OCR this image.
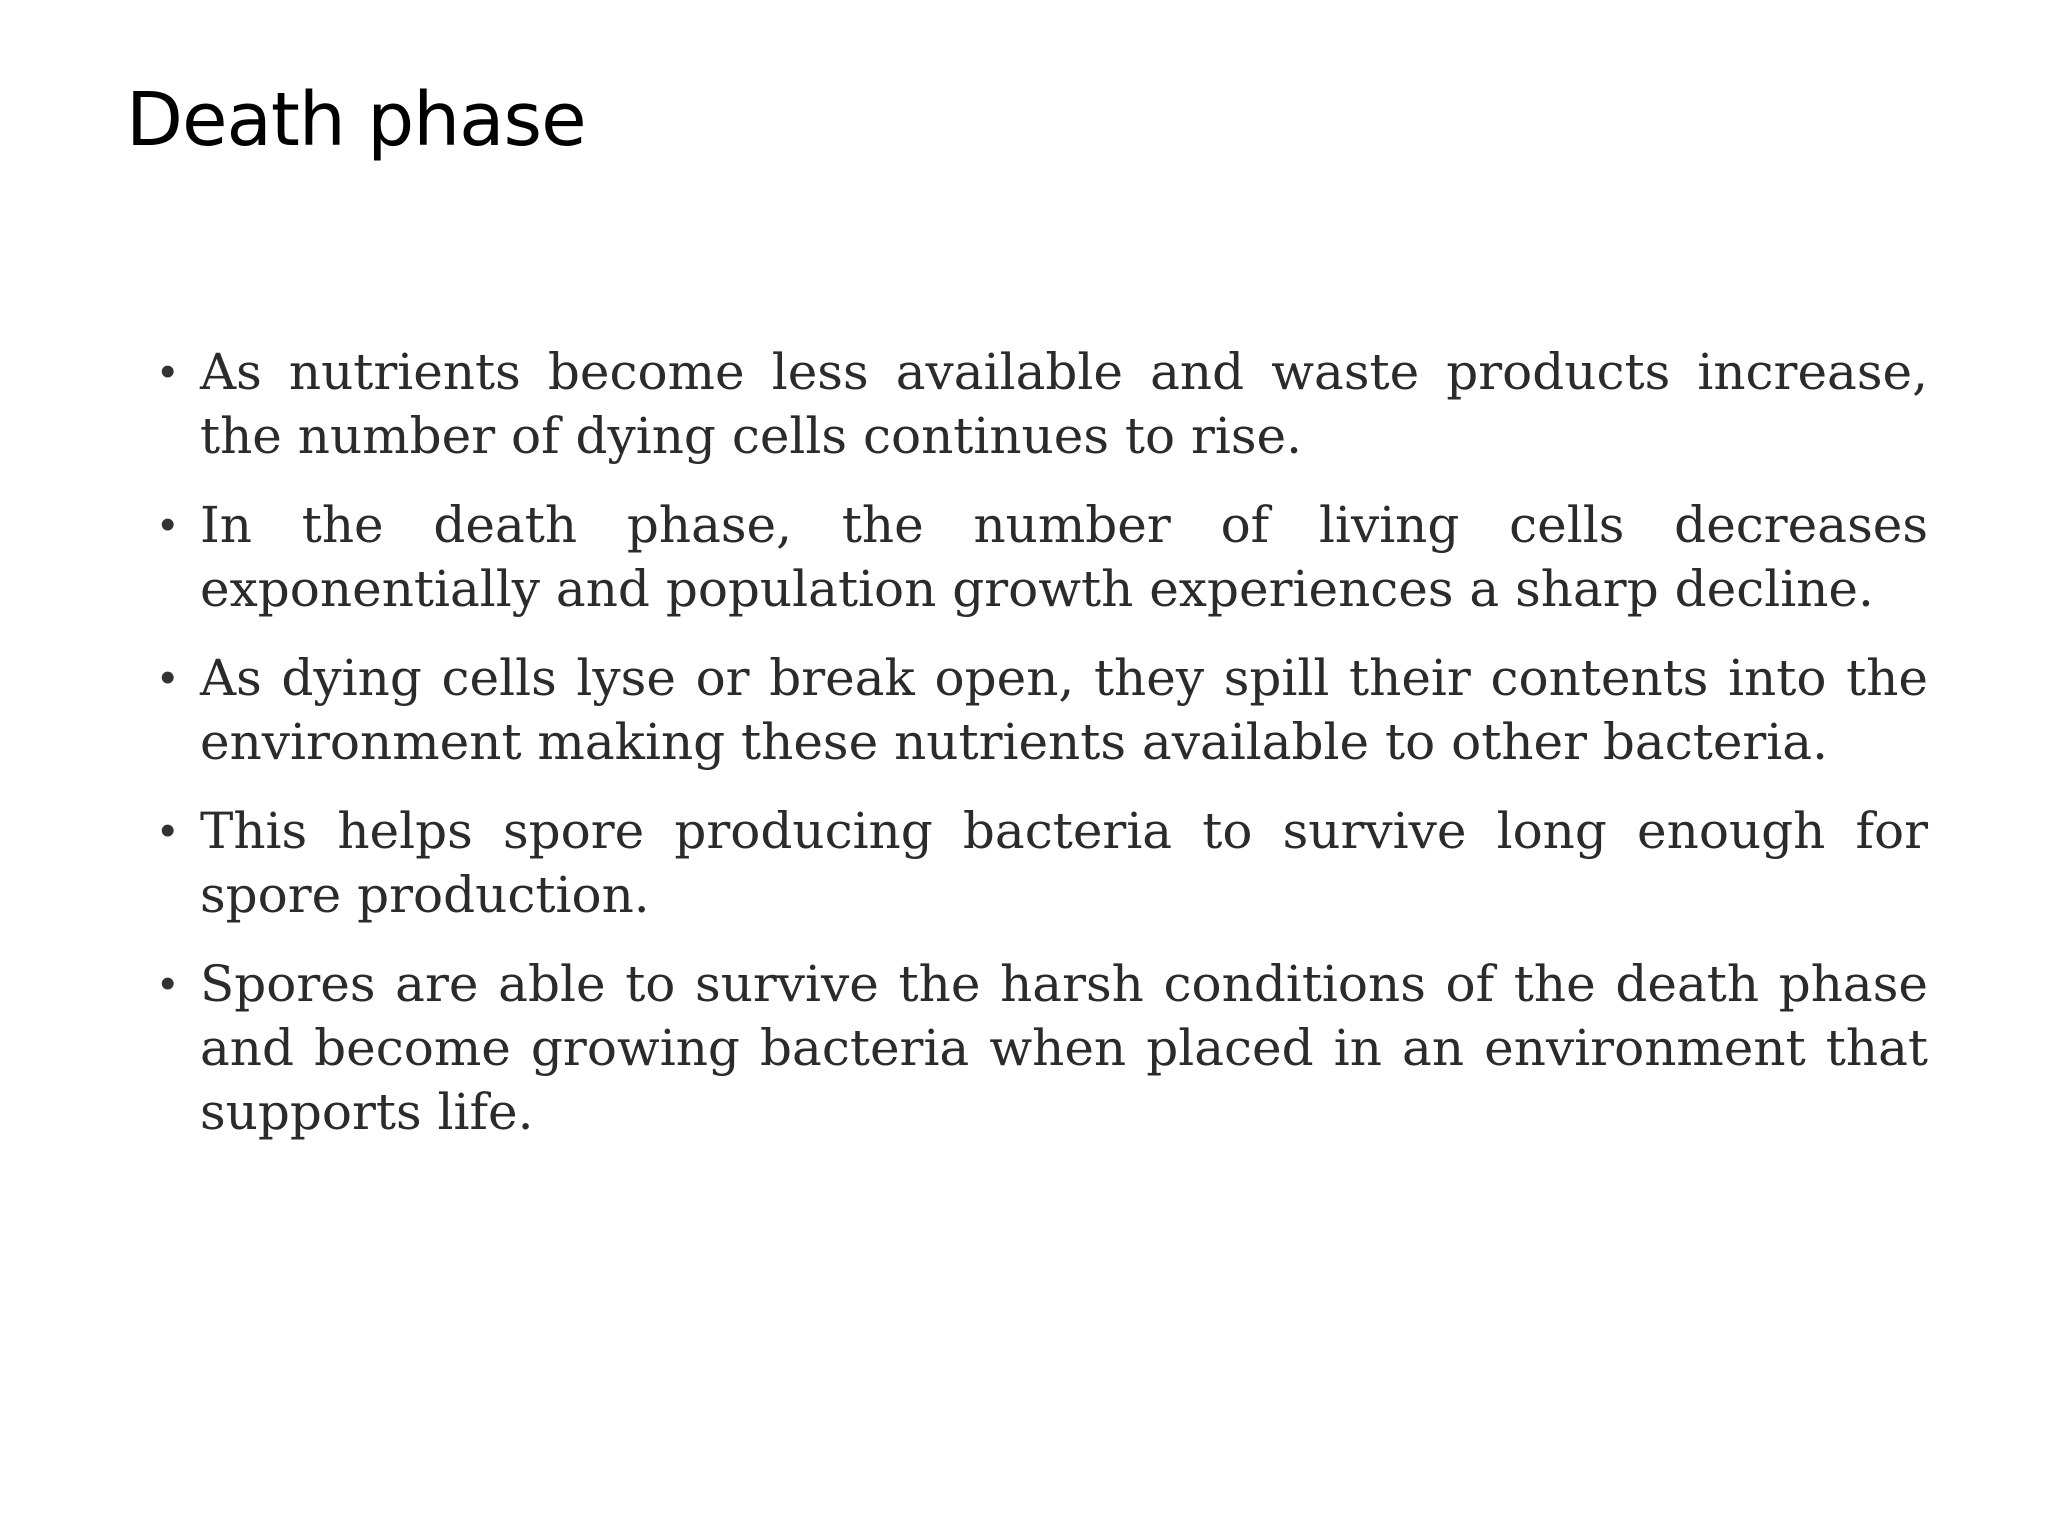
Death phase
• As nutrients become less available and waste products increase, the number of dying cells continues to rise.
• In the death phase, the number of living cells decreases exponentially and population growth experiences a sharp decline.
• As dying cells lyse or break open, they spill their contents into the environment making these nutrients available to other bacteria.
• This helps spore producing bacteria to survive long enough for spore production.
• Spores are able to survive the harsh conditions of the death phase and become growing bacteria when placed in an environment that supports life.
